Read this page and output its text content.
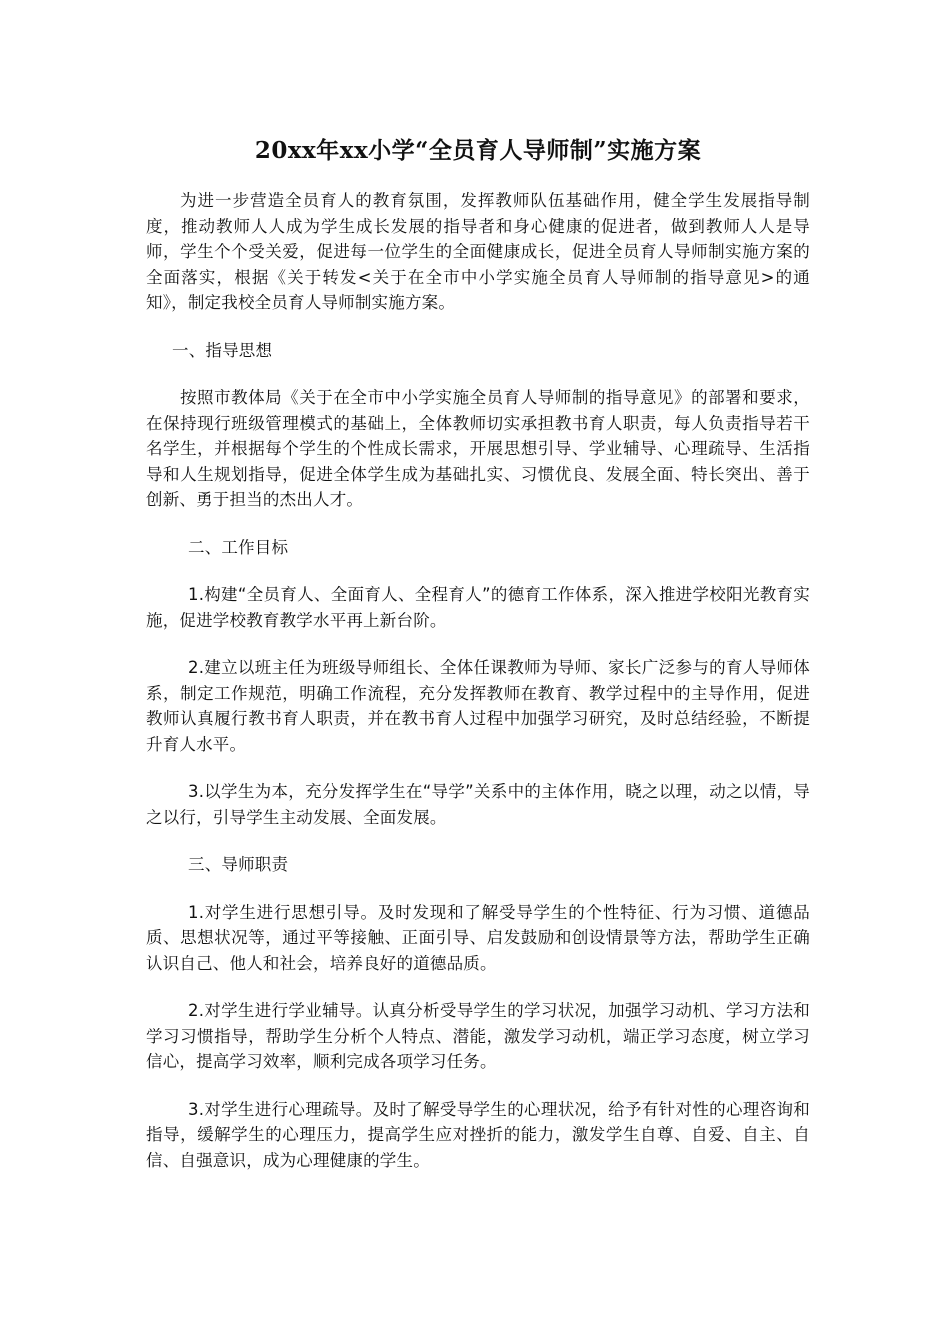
20xx年xx小学“全员育人导师制”实施方案

为进一步营造全员育人的教育氛围，发挥教师队伍基础作用，健全学生发展指导制度，推动教师人人成为学生成长发展的指导者和身心健康的促进者，做到教师人人是导师，学生个个受关爱，促进每一位学生的全面健康成长，促进全员育人导师制实施方案的全面落实，根据《关于转发<关于在全市中小学实施全员育人导师制的指导意见>的通知》，制定我校全员育人导师制实施方案。

一、指导思想

按照市教体局《关于在全市中小学实施全员育人导师制的指导意见》的部署和要求，在保持现行班级管理模式的基础上，全体教师切实承担教书育人职责，每人负责指导若干名学生，并根据每个学生的个性成长需求，开展思想引导、学业辅导、心理疏导、生活指导和人生规划指导，促进全体学生成为基础扎实、习惯优良、发展全面、特长突出、善于创新、勇于担当的杰出人才。

二、工作目标

1.构建“全员育人、全面育人、全程育人”的德育工作体系，深入推进学校阳光教育实施，促进学校教育教学水平再上新台阶。

2.建立以班主任为班级导师组长、全体任课教师为导师、家长广泛参与的育人导师体系，制定工作规范，明确工作流程，充分发挥教师在教育、教学过程中的主导作用，促进教师认真履行教书育人职责，并在教书育人过程中加强学习研究，及时总结经验，不断提升育人水平。

3.以学生为本，充分发挥学生在“导学”关系中的主体作用，晓之以理，动之以情，导之以行，引导学生主动发展、全面发展。

三、导师职责

1.对学生进行思想引导。及时发现和了解受导学生的个性特征、行为习惯、道德品质、思想状况等，通过平等接触、正面引导、启发鼓励和创设情景等方法，帮助学生正确认识自己、他人和社会，培养良好的道德品质。

2.对学生进行学业辅导。认真分析受导学生的学习状况，加强学习动机、学习方法和学习习惯指导，帮助学生分析个人特点、潜能，激发学习动机，端正学习态度，树立学习信心，提高学习效率，顺利完成各项学习任务。

3.对学生进行心理疏导。及时了解受导学生的心理状况，给予有针对性的心理咨询和指导，缓解学生的心理压力，提高学生应对挫折的能力，激发学生自尊、自爱、自主、自信、自强意识，成为心理健康的学生。
